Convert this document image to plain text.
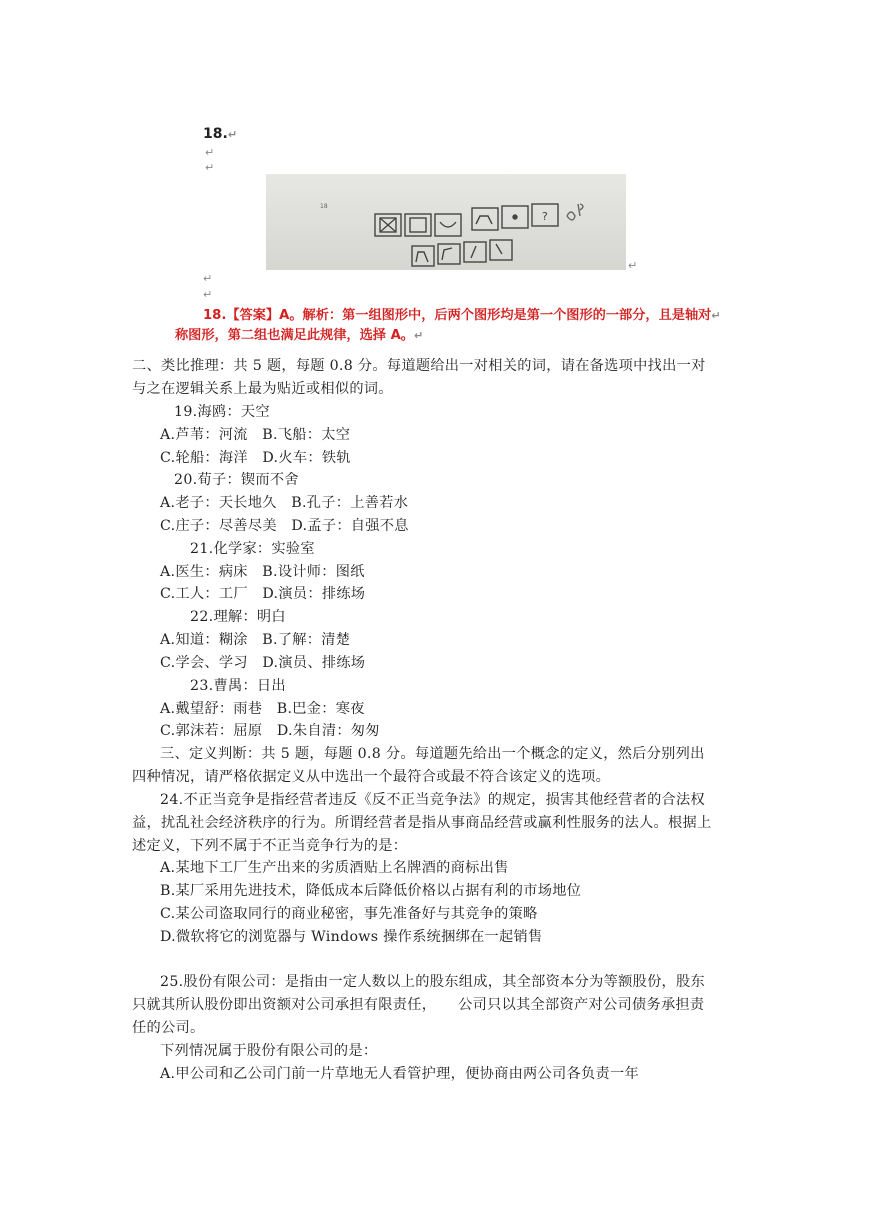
18.↵
↵
↵
18
?
↵
↵
↵
18.【答案】A。解析：第一组图形中，后两个图形均是第一个图形的一部分，且是轴对↵
称图形，第二组也满足此规律，选择 A。↵
二、类比推理：共 5 题，每题 0.8 分。每道题给出一对相关的词，请在备选项中找出一对
与之在逻辑关系上最为贴近或相似的词。
19.海鸥：天空
A.芦苇：河流　B.飞船：太空
C.轮船：海洋　D.火车：铁轨
20.荀子：锲而不舍
A.老子：天长地久　B.孔子：上善若水
C.庄子：尽善尽美　D.孟子：自强不息
21.化学家：实验室
A.医生：病床　B.设计师：图纸
C.工人：工厂　D.演员：排练场
22.理解：明白
A.知道：糊涂　B.了解：清楚
C.学会、学习　D.演员、排练场
23.曹禺：日出
A.戴望舒：雨巷　B.巴金：寒夜
C.郭沫若：屈原　D.朱自清：匆匆
三、定义判断：共 5 题，每题 0.8 分。每道题先给出一个概念的定义，然后分别列出
四种情况，请严格依据定义从中选出一个最符合或最不符合该定义的选项。
24.不正当竞争是指经营者违反《反不正当竞争法》的规定，损害其他经营者的合法权
益，扰乱社会经济秩序的行为。所谓经营者是指从事商品经营或赢利性服务的法人。根据上
述定义，下列不属于不正当竞争行为的是：
A.某地下工厂生产出来的劣质酒贴上名牌酒的商标出售
B.某厂采用先进技术，降低成本后降低价格以占据有利的市场地位
C.某公司盗取同行的商业秘密，事先准备好与其竞争的策略
D.微软将它的浏览器与 Windows 操作系统捆绑在一起销售
25.股份有限公司：是指由一定人数以上的股东组成，其全部资本分为等额股份，股东
只就其所认股份即出资额对公司承担有限责任，　　公司只以其全部资产对公司债务承担责
任的公司。
下列情况属于股份有限公司的是：
A.甲公司和乙公司门前一片草地无人看管护理，便协商由两公司各负责一年
